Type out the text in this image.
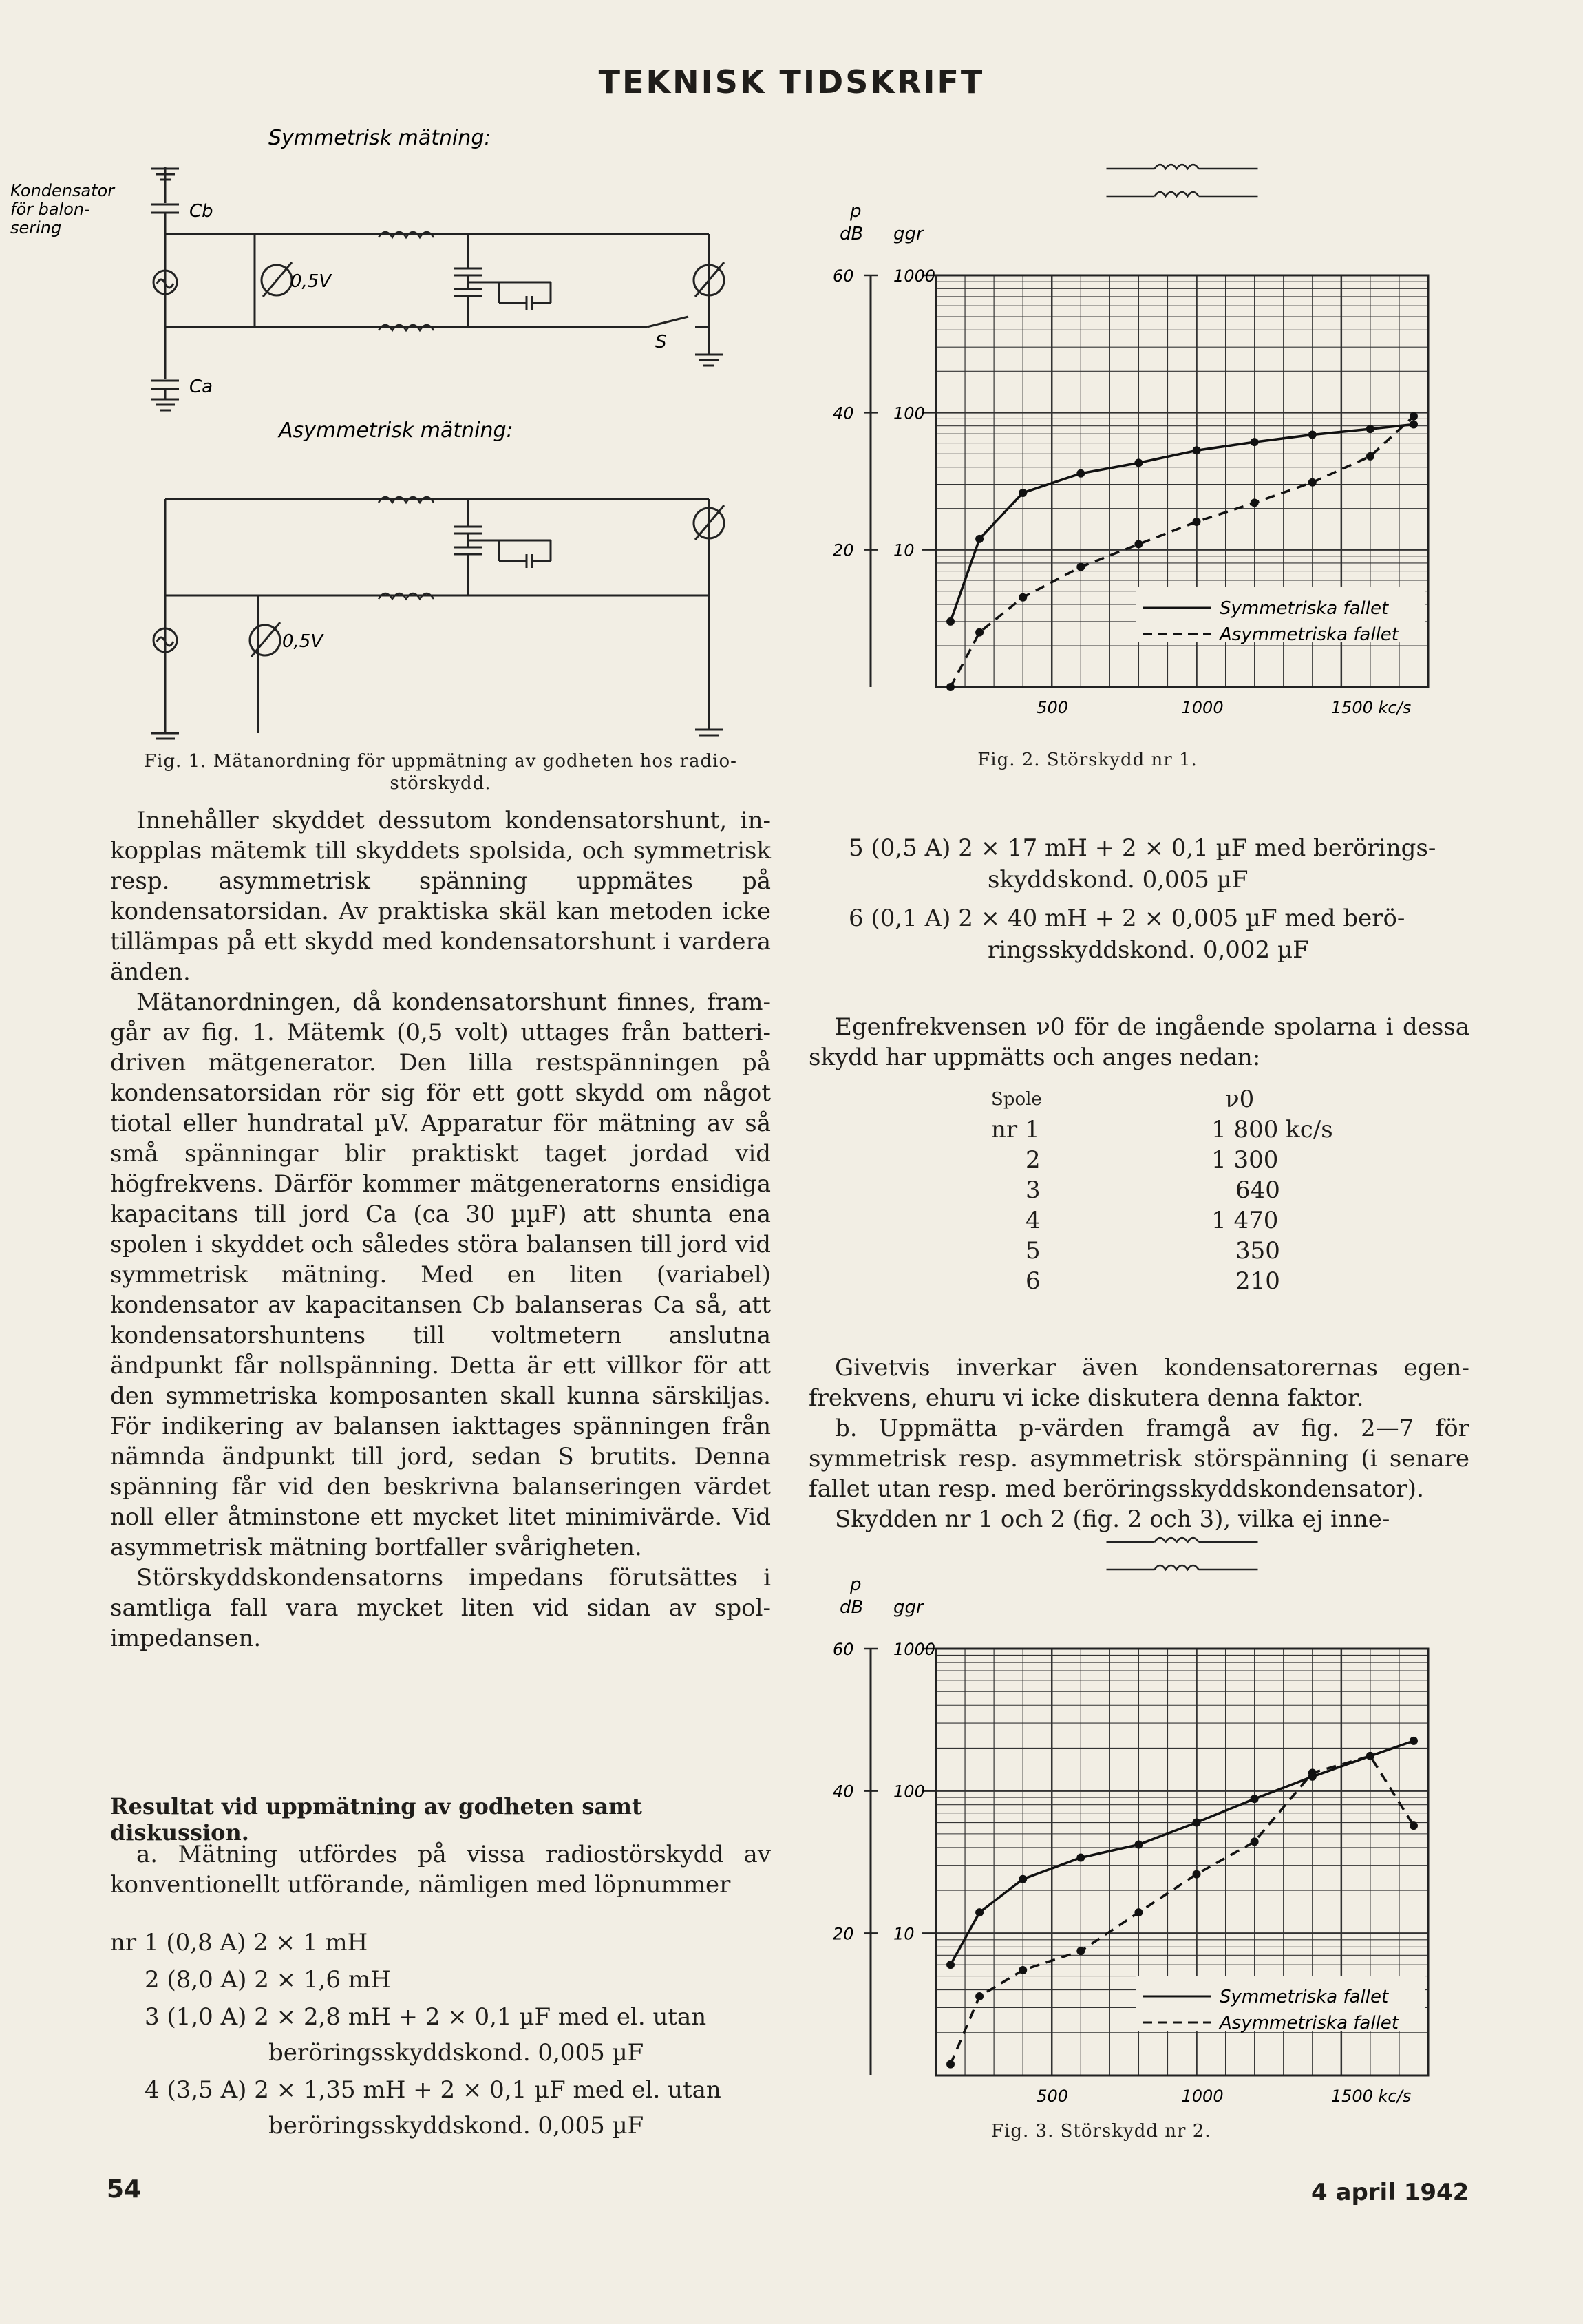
TEKNISK TIDSKRIFT
Symmetrisk mätning:
Asymmetrisk mätning:
Kondensator
för balon-
sering
Cb
Ca
0,5V
0,5V
S
Fig. 1. Mätanordning för uppmätning av godheten hos radio-
störskydd.
p
dB ggr
60
40
20 10
100
1000
500	1000	1500 kc/s
Symmetriska fallet
Asymmetriska fallet
Fig. 2. Störskydd nr 1.

Innehåller skyddet dessutom kondensatorshunt, inkopplas mätemk till skyddets spolsida, och symmetrisk resp. asymmetrisk spänning uppmätes på kondensatorsidan. Av praktiska skäl kan metoden icke tillämpas på ett skydd med kondensatorshunt i vardera änden.

Mätanordningen, då kondensatorshunt finnes, framgår av fig. 1. Mätemk (0,5 volt) uttages från batteridriven mätgenerator. Den lilla restspänningen på kondensatorsidan rör sig för ett gott skydd om något tiotal eller hundratal µV. Apparatur för mätning av så små spänningar blir praktiskt taget jordad vid högfrekvens. Därför kommer mätgeneratorns ensidiga kapacitans till jord Ca (ca 30 µµF) att shunta ena spolen i skyddet och således störa balansen till jord vid symmetrisk mätning. Med en liten (variabel) kondensator av kapacitansen Cb balanseras Ca så, att kondensatorshuntens till voltmetern anslutna ändpunkt får nollspänning. Detta är ett villkor för att den symmetriska komposanten skall kunna särskiljas. För indikering av balansen iakttages spänningen från nämnda ändpunkt till jord, sedan S brutits. Denna spänning får vid den beskrivna balanseringen värdet noll eller åtminstone ett mycket litet minimivärde. Vid asymmetrisk mätning bortfaller svårigheten.

Störskyddskondensatorns impedans förutsättes i samtliga fall vara mycket liten vid sidan av spolimpedansen.

Resultat vid uppmätning av godheten samt diskussion.

a. Mätning utfördes på vissa radiostörskydd av konventionellt utförande, nämligen med löpnummer

nr 1 (0,8 A) 2 × 1 mH
2 (8,0 A) 2 × 1,6 mH
3 (1,0 A) 2 × 2,8 mH + 2 × 0,1 µF med el. utan
beröringsskyddskond. 0,005 µF
4 (3,5 A) 2 × 1,35 mH + 2 × 0,1 µF med el. utan
beröringsskyddskond. 0,005 µF
5 (0,5 A) 2 × 17 mH + 2 × 0,1 µF med berörings-
skyddskond. 0,005 µF
6 (0,1 A) 2 × 40 mH + 2 × 0,005 µF med berö-
ringsskyddskond. 0,002 µF

Egenfrekvensen ν0 för de ingående spolarna i dessa skydd har uppmätts och anges nedan:

Spole	ν0
nr 1	1 800 kc/s
2	1 300
3	640
4	1 470
5	350
6	210

Givetvis inverkar även kondensatorernas egenfrekvens, ehuru vi icke diskutera denna faktor.

b. Uppmätta p-värden framgå av fig. 2—7 för symmetrisk resp. asymmetrisk störspänning (i senare fallet utan resp. med beröringsskyddskondensator).

Skydden nr 1 och 2 (fig. 2 och 3), vilka ej inne-

p
dB ggr
60
40
20 10
100
1000
500	1000	1500 kc/s
Symmetriska fallet
Asymmetriska fallet
Fig. 3. Störskydd nr 2.
54	4 april 1942
